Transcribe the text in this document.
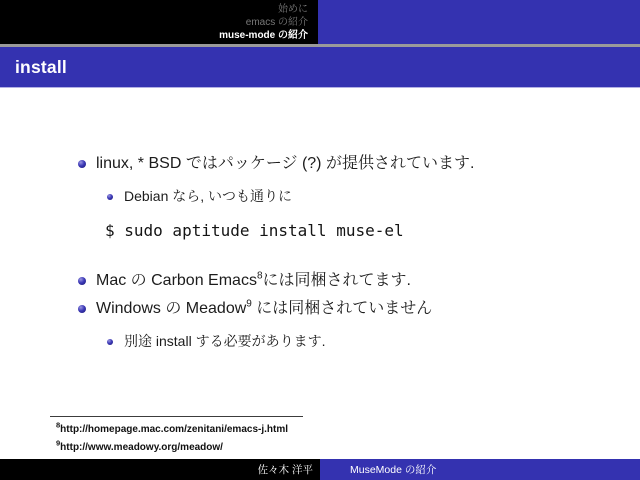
始めに
emacs の紹介
muse-mode の紹介
install
linux, * BSD ではパッケージ (?) が提供されています.
Debian なら, いつも通りに
$ sudo aptitude install muse-el
Mac の Carbon Emacs$^8$には同梱されてます.
Windows の Meadow$^9$ には同梱されていません
別途 install する必要があります.
$^8$http://homepage.mac.com/zenitani/emacs-j.html
$^9$http://www.meadowy.org/meadow/
佐々木 洋平	MuseMode の紹介
